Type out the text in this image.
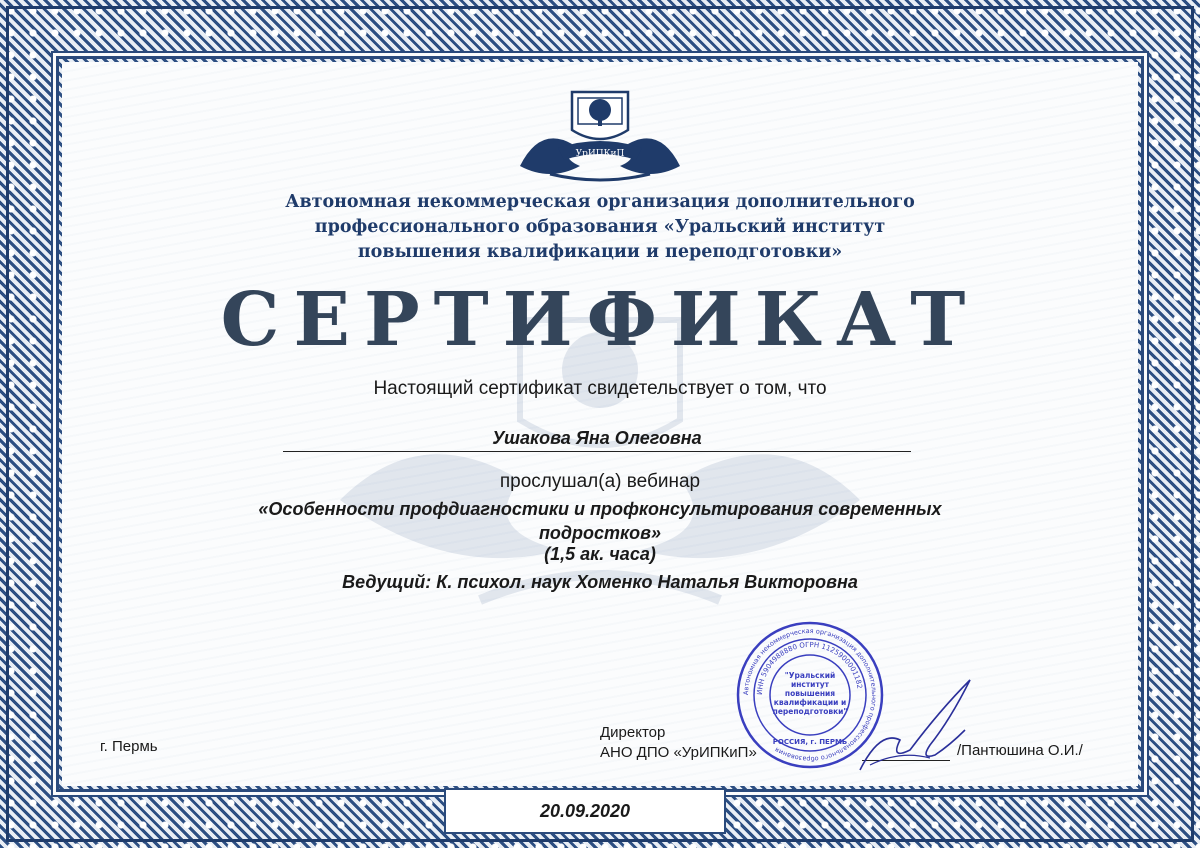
УрИПКиП
Автономная некоммерческая организация дополнительного
профессионального образования «Уральский институт
повышения квалификации и переподготовки»
СЕРТИФИКАТ
Настоящий сертификат свидетельствует о том, что
Ушакова Яна Олеговна
прослушал(а) вебинар
«Особенности профдиагностики и профконсультирования современных
подростков»
(1,5 ак. часа)
Ведущий: К. психол. наук Хоменко Наталья Викторовна
г. Пермь
Директор
АНО ДПО «УрИПКиП»	/Пантюшина О.И./
Автономная некоммерческая организация дополнительного профессионального образования
ИНН 5904988880 ОГРН 1125900001182
"Уральский
институт
повышения
квалификации и
переподготовки"
РОССИЯ, г. ПЕРМЬ
20.09.2020
